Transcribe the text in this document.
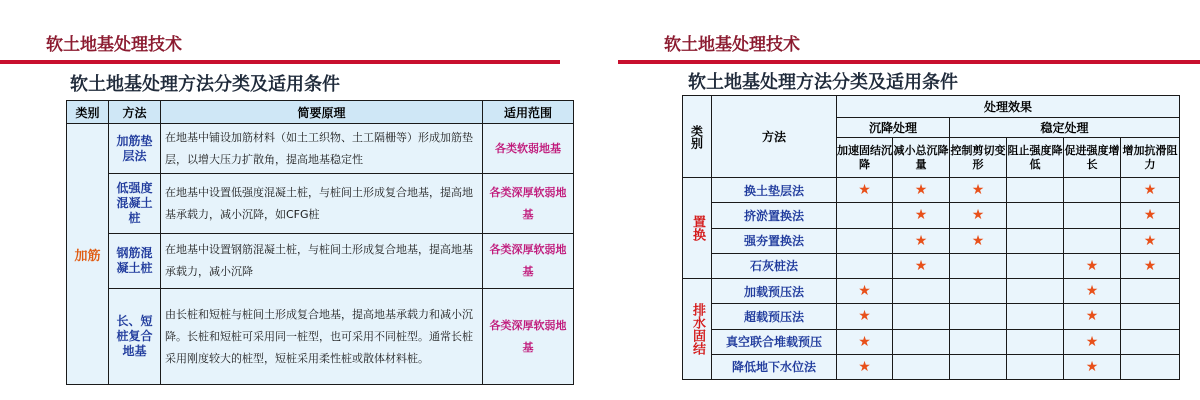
软土地基处理技术
软土地基处理方法分类及适用条件
类别	方法	简要原理	适用范围
加筋	加筋垫层法	在地基中铺设加筋材料（如土工织物、土工隔栅等）形成加筋垫层，以增大压力扩散角，提高地基稳定性	各类软弱地基
	低强度混凝土桩	在地基中设置低强度混凝土桩，与桩间土形成复合地基，提高地基承载力，减小沉降，如CFG桩	各类深厚软弱地基
	钢筋混凝土桩	在地基中设置钢筋混凝土桩，与桩间土形成复合地基，提高地基承载力，减小沉降	各类深厚软弱地基
	长、短桩复合地基	由长桩和短桩与桩间土形成复合地基，提高地基承载力和减小沉降。长桩和短桩可采用同一桩型，也可采用不同桩型。通常长桩采用刚度较大的桩型，短桩采用柔性桩或散体材料桩。	各类深厚软弱地基
软土地基处理技术
软土地基处理方法分类及适用条件
类别	方法	处理效果					
		沉降处理		稳定处理			
		加速固结沉降	减小总沉降量	控制剪切变形	阻止强度降低	促进强度增长	增加抗滑阻力
置换	换土垫层法	★	★	★			★
	挤淤置换法		★	★			★
	强夯置换法		★	★			★
	石灰桩法		★			★	★
排水固结	加载预压法	★				★	
	超载预压法	★				★	
	真空联合堆载预压	★				★	
	降低地下水位法	★				★	
